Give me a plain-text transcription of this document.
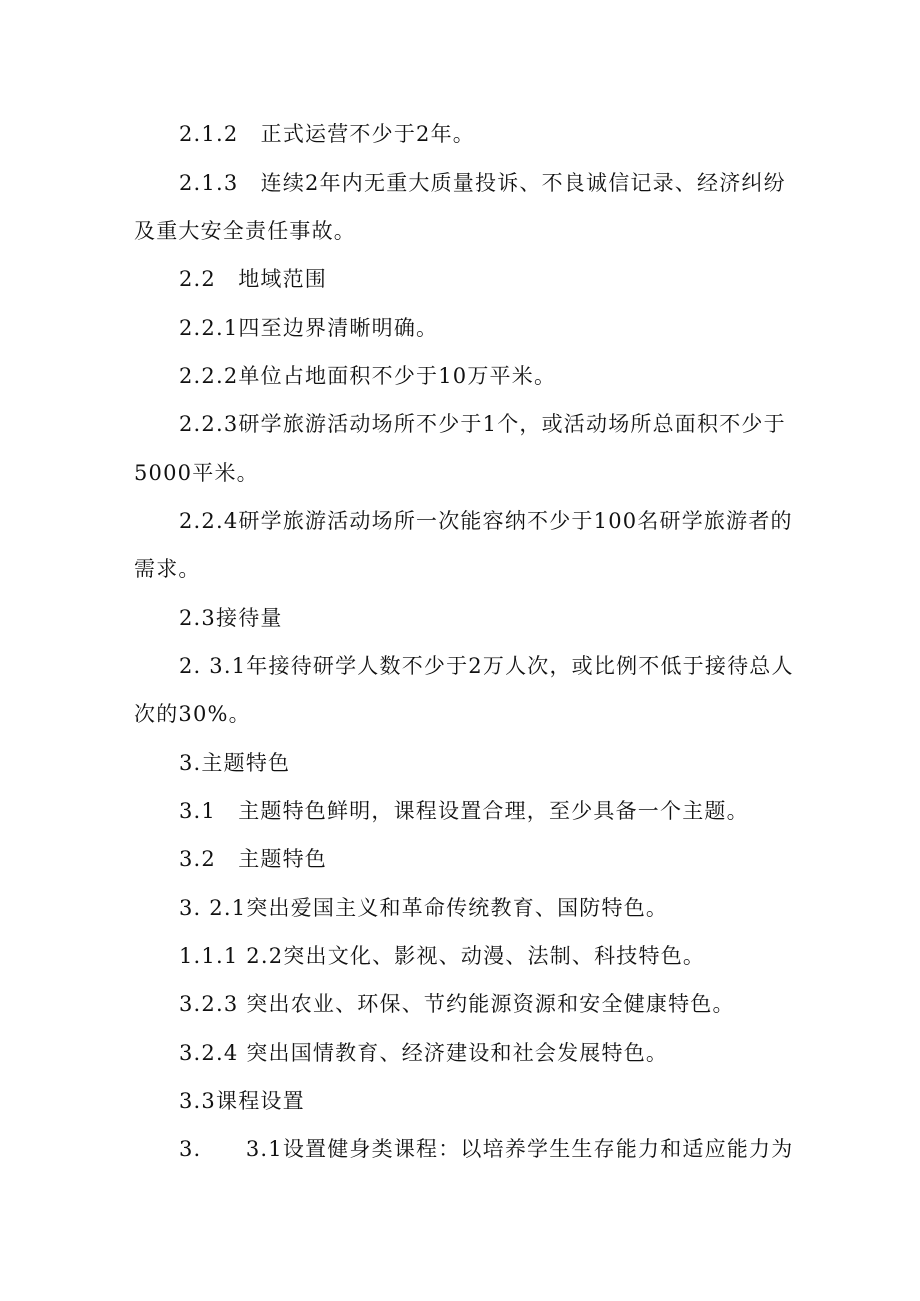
2.1.2　正式运营不少于2年。

2.1.3　连续2年内无重大质量投诉、不良诚信记录、经济纠纷

及重大安全责任事故。

2.2　地域范围

2.2.1四至边界清晰明确。

2.2.2单位占地面积不少于10万平米。

2.2.3研学旅游活动场所不少于1个，或活动场所总面积不少于

5000平米。

2.2.4研学旅游活动场所一次能容纳不少于100名研学旅游者的

需求。

2.3接待量

2. 3.1年接待研学人数不少于2万人次，或比例不低于接待总人

次的30%。

3.主题特色

3.1　主题特色鲜明，课程设置合理，至少具备一个主题。

3.2　主题特色

3. 2.1突出爱国主义和革命传统教育、国防特色。

1.1.1 2.2突出文化、影视、动漫、法制、科技特色。

3.2.3 突出农业、环保、节约能源资源和安全健康特色。

3.2.4 突出国情教育、经济建设和社会发展特色。

3.3课程设置

3.　　3.1设置健身类课程：以培养学生生存能力和适应能力为
